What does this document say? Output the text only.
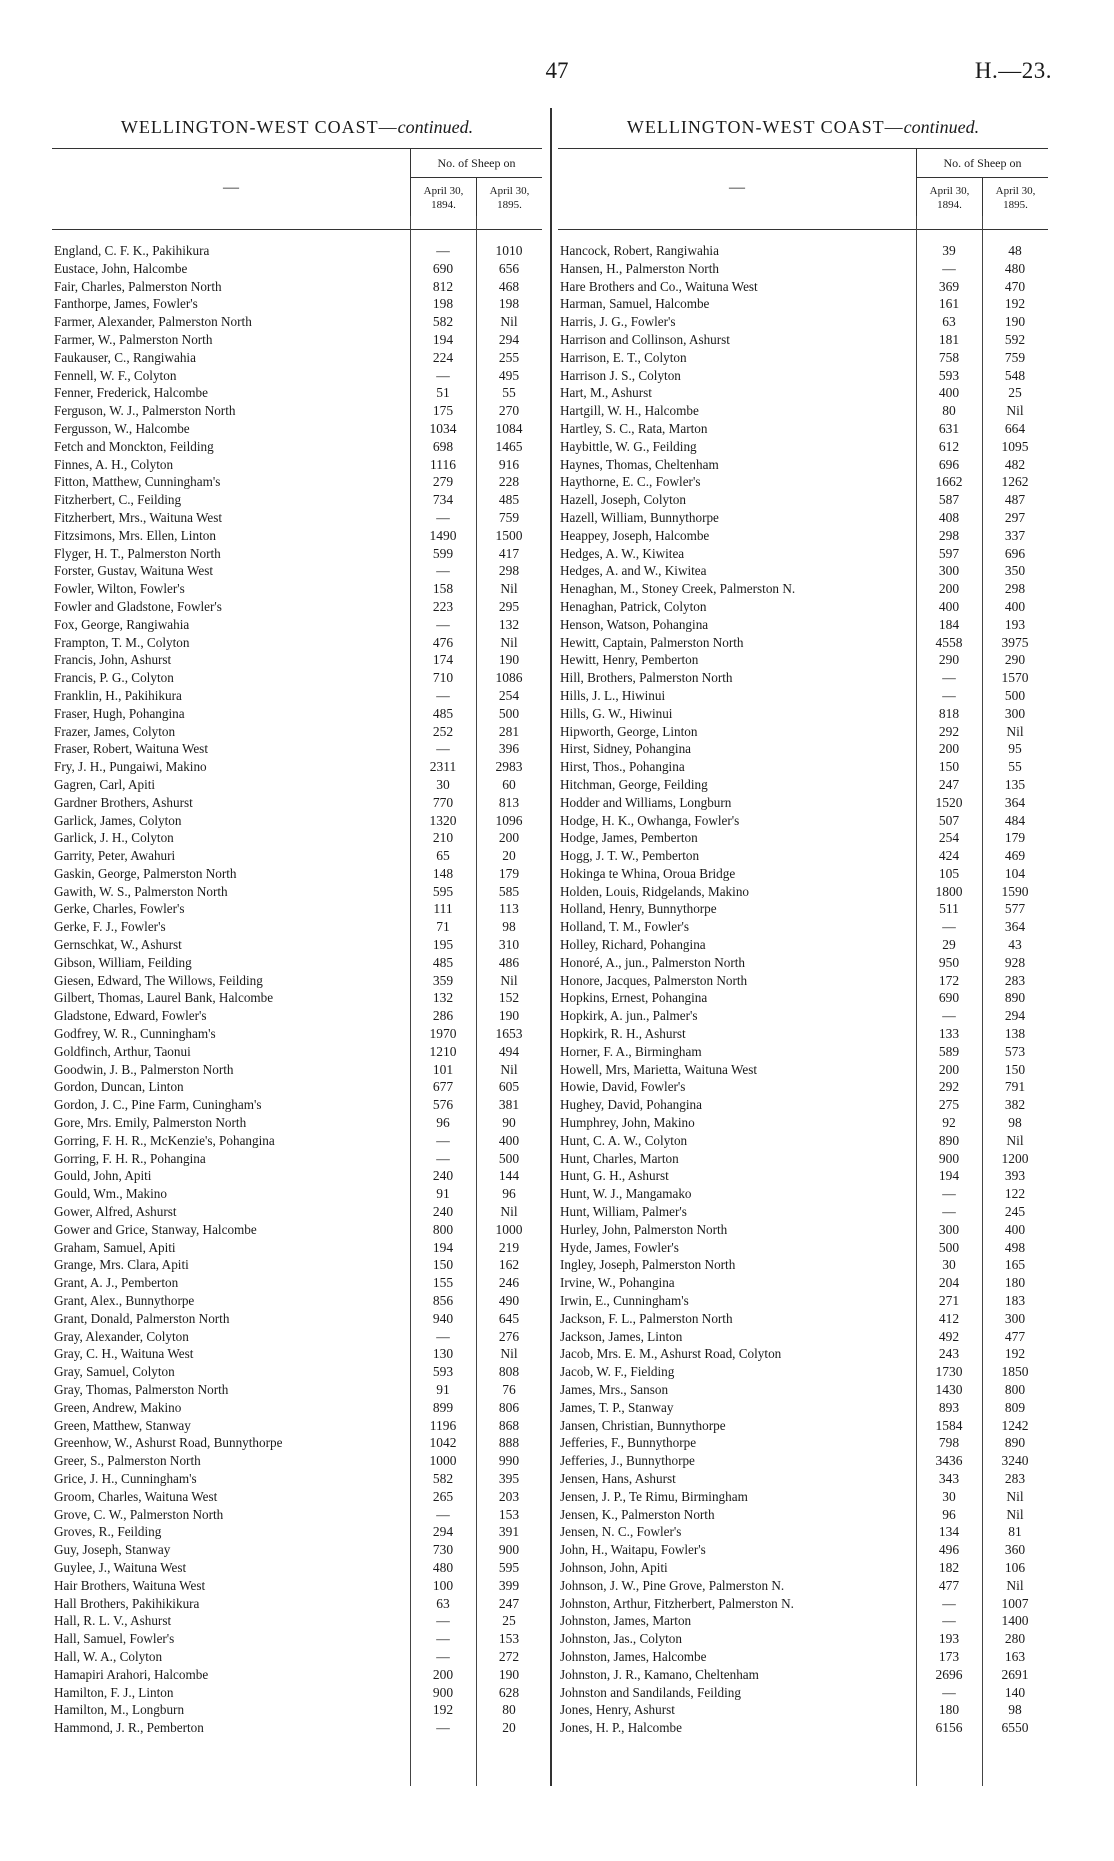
47	H.—23.
WELLINGTON-WEST COAST—continued.
—
No. of Sheep on
April 30, 1894.
April 30, 1895.
England, C. F. K., Pakihikura	—	1010
Eustace, John, Halcombe	690	656
Fair, Charles, Palmerston North	812	468
Fanthorpe, James, Fowler's	198	198
Farmer, Alexander, Palmerston North	582	Nil
Farmer, W., Palmerston North	194	294
Faukauser, C., Rangiwahia	224	255
Fennell, W. F., Colyton	—	495
Fenner, Frederick, Halcombe	51	55
Ferguson, W. J., Palmerston North	175	270
Fergusson, W., Halcombe	1034	1084
Fetch and Monckton, Feilding	698	1465
Finnes, A. H., Colyton	1116	916
Fitton, Matthew, Cunningham's	279	228
Fitzherbert, C., Feilding	734	485
Fitzherbert, Mrs., Waituna West	—	759
Fitzsimons, Mrs. Ellen, Linton	1490	1500
Flyger, H. T., Palmerston North	599	417
Forster, Gustav, Waituna West	—	298
Fowler, Wilton, Fowler's	158	Nil
Fowler and Gladstone, Fowler's	223	295
Fox, George, Rangiwahia	—	132
Frampton, T. M., Colyton	476	Nil
Francis, John, Ashurst	174	190
Francis, P. G., Colyton	710	1086
Franklin, H., Pakihikura	—	254
Fraser, Hugh, Pohangina	485	500
Frazer, James, Colyton	252	281
Fraser, Robert, Waituna West	—	396
Fry, J. H., Pungaiwi, Makino	2311	2983
Gagren, Carl, Apiti	30	60
Gardner Brothers, Ashurst	770	813
Garlick, James, Colyton	1320	1096
Garlick, J. H., Colyton	210	200
Garrity, Peter, Awahuri	65	20
Gaskin, George, Palmerston North	148	179
Gawith, W. S., Palmerston North	595	585
Gerke, Charles, Fowler's	111	113
Gerke, F. J., Fowler's	71	98
Gernschkat, W., Ashurst	195	310
Gibson, William, Feilding	485	486
Giesen, Edward, The Willows, Feilding	359	Nil
Gilbert, Thomas, Laurel Bank, Halcombe	132	152
Gladstone, Edward, Fowler's	286	190
Godfrey, W. R., Cunningham's	1970	1653
Goldfinch, Arthur, Taonui	1210	494
Goodwin, J. B., Palmerston North	101	Nil
Gordon, Duncan, Linton	677	605
Gordon, J. C., Pine Farm, Cuningham's	576	381
Gore, Mrs. Emily, Palmerston North	96	90
Gorring, F. H. R., McKenzie's, Pohangina	—	400
Gorring, F. H. R., Pohangina	—	500
Gould, John, Apiti	240	144
Gould, Wm., Makino	91	96
Gower, Alfred, Ashurst	240	Nil
Gower and Grice, Stanway, Halcombe	800	1000
Graham, Samuel, Apiti	194	219
Grange, Mrs. Clara, Apiti	150	162
Grant, A. J., Pemberton	155	246
Grant, Alex., Bunnythorpe	856	490
Grant, Donald, Palmerston North	940	645
Gray, Alexander, Colyton	—	276
Gray, C. H., Waituna West	130	Nil
Gray, Samuel, Colyton	593	808
Gray, Thomas, Palmerston North	91	76
Green, Andrew, Makino	899	806
Green, Matthew, Stanway	1196	868
Greenhow, W., Ashurst Road, Bunnythorpe	1042	888
Greer, S., Palmerston North	1000	990
Grice, J. H., Cunningham's	582	395
Groom, Charles, Waituna West	265	203
Grove, C. W., Palmerston North	—	153
Groves, R., Feilding	294	391
Guy, Joseph, Stanway	730	900
Guylee, J., Waituna West	480	595
Hair Brothers, Waituna West	100	399
Hall Brothers, Pakihikikura	63	247
Hall, R. L. V., Ashurst	—	25
Hall, Samuel, Fowler's	—	153
Hall, W. A., Colyton	—	272
Hamapiri Arahori, Halcombe	200	190
Hamilton, F. J., Linton	900	628
Hamilton, M., Longburn	192	80
Hammond, J. R., Pemberton	—	20
WELLINGTON-WEST COAST—continued.
—
No. of Sheep on
April 30, 1894.
April 30, 1895.
Hancock, Robert, Rangiwahia	39	48
Hansen, H., Palmerston North	—	480
Hare Brothers and Co., Waituna West	369	470
Harman, Samuel, Halcombe	161	192
Harris, J. G., Fowler's	63	190
Harrison and Collinson, Ashurst	181	592
Harrison, E. T., Colyton	758	759
Harrison J. S., Colyton	593	548
Hart, M., Ashurst	400	25
Hartgill, W. H., Halcombe	80	Nil
Hartley, S. C., Rata, Marton	631	664
Haybittle, W. G., Feilding	612	1095
Haynes, Thomas, Cheltenham	696	482
Haythorne, E. C., Fowler's	1662	1262
Hazell, Joseph, Colyton	587	487
Hazell, William, Bunnythorpe	408	297
Heappey, Joseph, Halcombe	298	337
Hedges, A. W., Kiwitea	597	696
Hedges, A. and W., Kiwitea	300	350
Henaghan, M., Stoney Creek, Palmerston N.	200	298
Henaghan, Patrick, Colyton	400	400
Henson, Watson, Pohangina	184	193
Hewitt, Captain, Palmerston North	4558	3975
Hewitt, Henry, Pemberton	290	290
Hill, Brothers, Palmerston North	—	1570
Hills, J. L., Hiwinui	—	500
Hills, G. W., Hiwinui	818	300
Hipworth, George, Linton	292	Nil
Hirst, Sidney, Pohangina	200	95
Hirst, Thos., Pohangina	150	55
Hitchman, George, Feilding	247	135
Hodder and Williams, Longburn	1520	364
Hodge, H. K., Owhanga, Fowler's	507	484
Hodge, James, Pemberton	254	179
Hogg, J. T. W., Pemberton	424	469
Hokinga te Whina, Oroua Bridge	105	104
Holden, Louis, Ridgelands, Makino	1800	1590
Holland, Henry, Bunnythorpe	511	577
Holland, T. M., Fowler's	—	364
Holley, Richard, Pohangina	29	43
Honoré, A., jun., Palmerston North	950	928
Honore, Jacques, Palmerston North	172	283
Hopkins, Ernest, Pohangina	690	890
Hopkirk, A. jun., Palmer's	—	294
Hopkirk, R. H., Ashurst	133	138
Horner, F. A., Birmingham	589	573
Howell, Mrs, Marietta, Waituna West	200	150
Howie, David, Fowler's	292	791
Hughey, David, Pohangina	275	382
Humphrey, John, Makino	92	98
Hunt, C. A. W., Colyton	890	Nil
Hunt, Charles, Marton	900	1200
Hunt, G. H., Ashurst	194	393
Hunt, W. J., Mangamako	—	122
Hunt, William, Palmer's	—	245
Hurley, John, Palmerston North	300	400
Hyde, James, Fowler's	500	498
Ingley, Joseph, Palmerston North	30	165
Irvine, W., Pohangina	204	180
Irwin, E., Cunningham's	271	183
Jackson, F. L., Palmerston North	412	300
Jackson, James, Linton	492	477
Jacob, Mrs. E. M., Ashurst Road, Colyton	243	192
Jacob, W. F., Fielding	1730	1850
James, Mrs., Sanson	1430	800
James, T. P., Stanway	893	809
Jansen, Christian, Bunnythorpe	1584	1242
Jefferies, F., Bunnythorpe	798	890
Jefferies, J., Bunnythorpe	3436	3240
Jensen, Hans, Ashurst	343	283
Jensen, J. P., Te Rimu, Birmingham	30	Nil
Jensen, K., Palmerston North	96	Nil
Jensen, N. C., Fowler's	134	81
John, H., Waitapu, Fowler's	496	360
Johnson, John, Apiti	182	106
Johnson, J. W., Pine Grove, Palmerston N.	477	Nil
Johnston, Arthur, Fitzherbert, Palmerston N.	—	1007
Johnston, James, Marton	—	1400
Johnston, Jas., Colyton	193	280
Johnston, James, Halcombe	173	163
Johnston, J. R., Kamano, Cheltenham	2696	2691
Johnston and Sandilands, Feilding	—	140
Jones, Henry, Ashurst	180	98
Jones, H. P., Halcombe	6156	6550
